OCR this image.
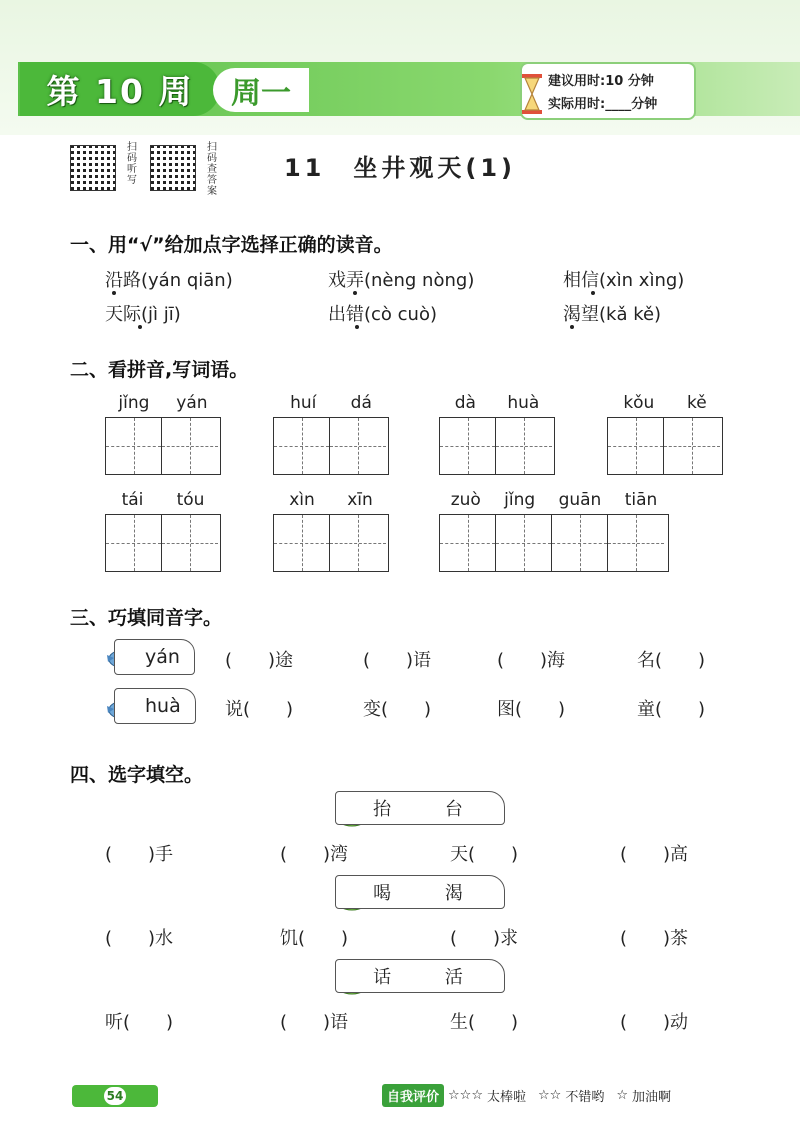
第 10 周	周一	建议用时:10 分钟
实际用时:____分钟
扫码听写
扫码查答案
11　坐井观天(1)
一、用“√”给加点字选择正确的读音。
沿路(yán qiān)	戏弄(nèng nòng)	相信(xìn xìng)
天际(jì jī)	出错(cò cuò)	渴望(kǎ kě)
二、看拼音,写词语。
jǐng yán	huí dá	dà huà	kǒu kě
tái tóu	xìn xīn	zuò jǐng guān tiān
三、巧填同音字。
yán	(　　)途	(　　)语	(　　)海	名(　　)
huà 说(　　)	变(　　)	图(　　)	童(　　)
四、选字填空。
抬 台
(　　)手	(　　)湾	天(　　)	(　　)高
喝 渴
(　　)水	饥(　　)	(　　)求	(　　)茶
话 活
听(　　)	(　　)语	生(　　)	(　　)动
54	自我评价 ☆☆☆ 太棒啦 ☆☆ 不错哟 ☆ 加油啊
